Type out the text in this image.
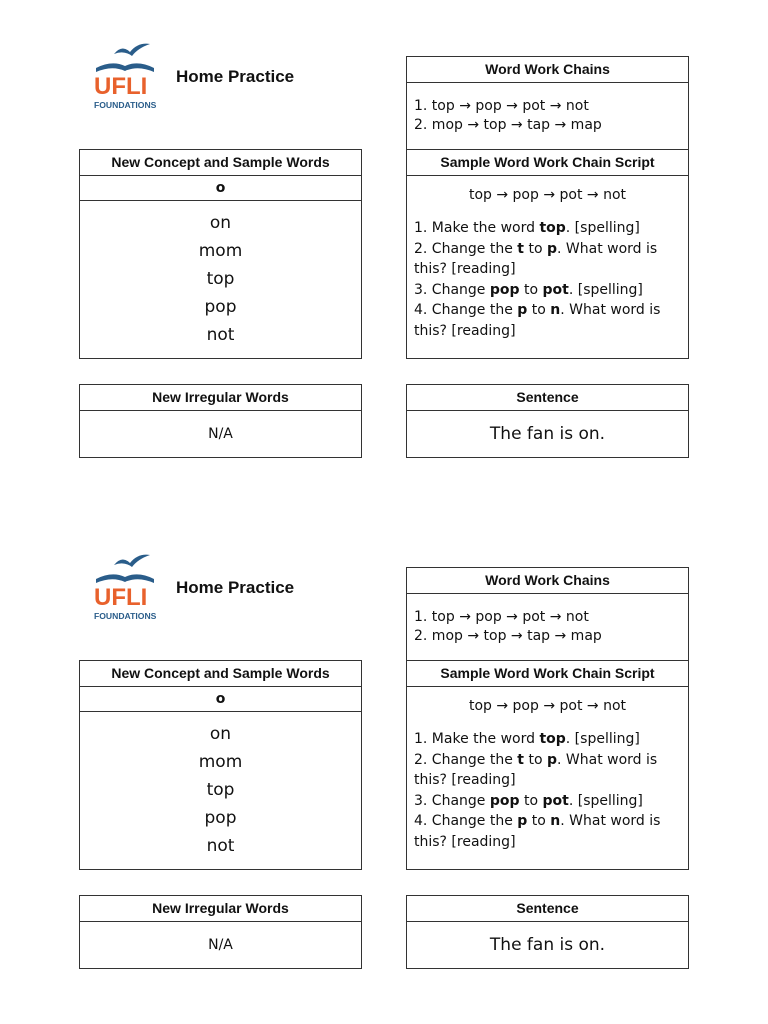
UFLI
FOUNDATIONS
Home Practice	Word Work Chains
1. top → pop → pot → not
2. mop → top → tap → map
New Concept and Sample Words
o
on
mom
top
pop
not
Sample Word Work Chain Script
top → pop → pot → not
1. Make the word top. [spelling]
2. Change the t to p. What word is this? [reading]
3. Change pop to pot. [spelling]
4. Change the p to n. What word is this? [reading]
New Irregular Words
N/A
Sentence
The fan is on.
UFLI
FOUNDATIONS
Home Practice	Word Work Chains
1. top → pop → pot → not
2. mop → top → tap → map
New Concept and Sample Words
o
on
mom
top
pop
not
Sample Word Work Chain Script
top → pop → pot → not
1. Make the word top. [spelling]
2. Change the t to p. What word is this? [reading]
3. Change pop to pot. [spelling]
4. Change the p to n. What word is this? [reading]
New Irregular Words
N/A
Sentence
The fan is on.
